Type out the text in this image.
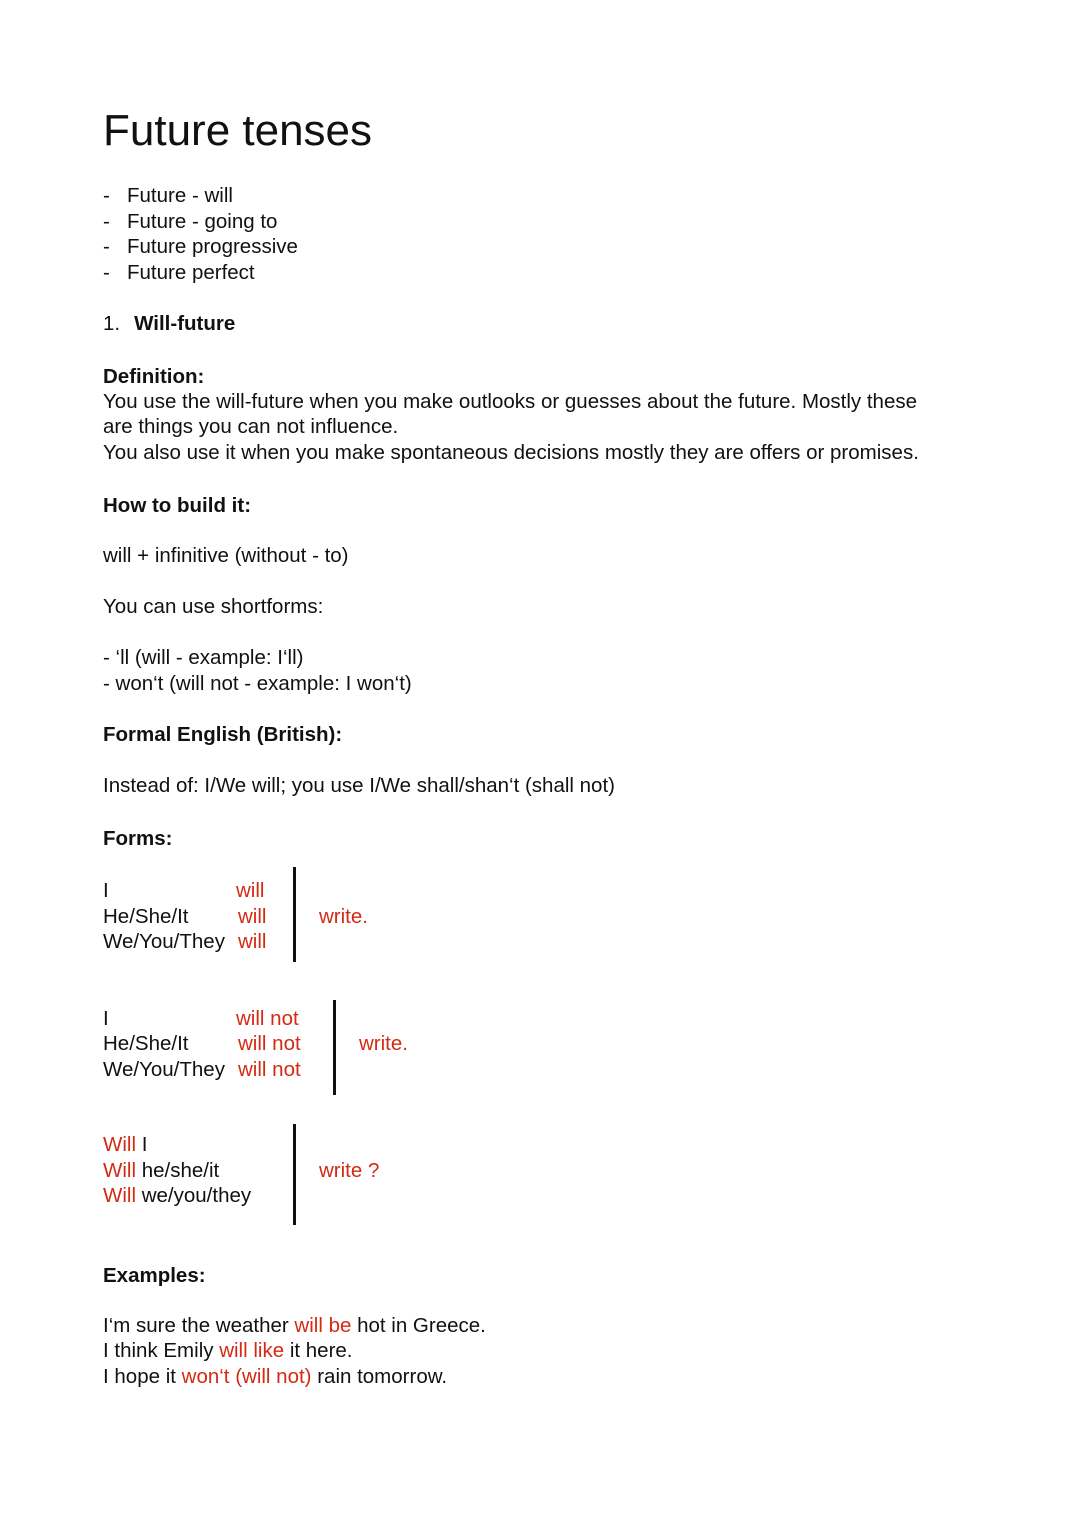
Future tenses
- Future - will
- Future - going to
- Future progressive
- Future perfect
1. Will-future
Definition:
You use the will-future when you make outlooks or guesses about the future. Mostly these
are things you can not influence.
You also use it when you make spontaneous decisions mostly they are offers or promises.
How to build it:
will + infinitive (without - to)
You can use shortforms:
- ‘ll (will - example: I‘ll)
- won‘t (will not - example: I won‘t)
Formal English (British):
Instead of: I/We will; you use I/We shall/shan‘t (shall not)
Forms:
I
He/She/It
We/You/They
will
will
will
write.
I
He/She/It
We/You/They
will not
will not
will not
write.
Will I
Will he/she/it
Will we/you/they
write ?
Examples:
I‘m sure the weather will be hot in Greece.
I think Emily will like it here.
I hope it won‘t (will not) rain tomorrow.
